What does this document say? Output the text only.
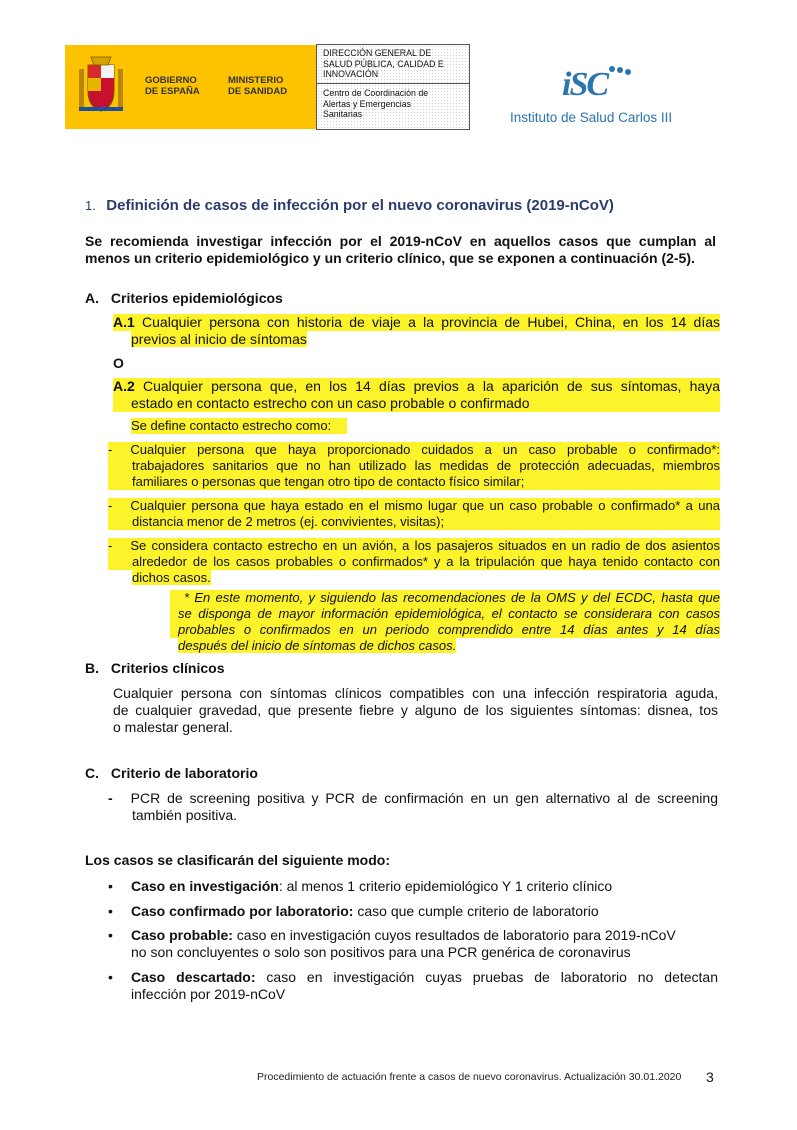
GOBIERNO
DE ESPAÑA
MINISTERIO
DE SANIDAD
DIRECCIÓN GENERAL DE
SALUD PÚBLICA, CALIDAD E
INNOVACIÓN
Centro de Coordinación de
Alertas y Emergencias
Sanitarias
iSC
Instituto de Salud Carlos III
1. Definición de casos de infección por el nuevo coronavirus (2019-nCoV)
Se recomienda investigar infección por el 2019-nCoV en aquellos casos que cumplan al
menos un criterio epidemiológico y un criterio clínico, que se exponen a continuación (2-5).
A. Criterios epidemiológicos
A.1 Cualquier persona con historia de viaje a la provincia de Hubei, China, en los 14 días
previos al inicio de síntomas
O
A.2 Cualquier persona que, en los 14 días previos a la aparición de sus síntomas, haya
estado en contacto estrecho con un caso probable o confirmado
Se define contacto estrecho como:
- Cualquier persona que haya proporcionado cuidados a un caso probable o confirmado*:
trabajadores sanitarios que no han utilizado las medidas de protección adecuadas, miembros
familiares o personas que tengan otro tipo de contacto físico similar;
- Cualquier persona que haya estado en el mismo lugar que un caso probable o confirmado* a una
distancia menor de 2 metros (ej. convivientes, visitas);
- Se considera contacto estrecho en un avión, a los pasajeros situados en un radio de dos asientos
alrededor de los casos probables o confirmados* y a la tripulación que haya tenido contacto con
dichos casos.
* En este momento, y siguiendo las recomendaciones de la OMS y del ECDC, hasta que
se disponga de mayor información epidemiológica, el contacto se considerara con casos
probables o confirmados en un periodo comprendido entre 14 días antes y 14 días
después del inicio de síntomas de dichos casos.
B. Criterios clínicos
Cualquier persona con síntomas clínicos compatibles con una infección respiratoria aguda,
de cualquier gravedad, que presente fiebre y alguno de los siguientes síntomas: disnea, tos
o malestar general.
C. Criterio de laboratorio
- PCR de screening positiva y PCR de confirmación en un gen alternativo al de screening
también positiva.
Los casos se clasificarán del siguiente modo:
• Caso en investigación: al menos 1 criterio epidemiológico Y 1 criterio clínico
• Caso confirmado por laboratorio: caso que cumple criterio de laboratorio
• Caso probable: caso en investigación cuyos resultados de laboratorio para 2019-nCoV
no son concluyentes o solo son positivos para una PCR genérica de coronavirus
• Caso descartado: caso en investigación cuyas pruebas de laboratorio no detectan
infección por 2019-nCoV
Procedimiento de actuación frente a casos de nuevo coronavirus. Actualización 30.01.2020 3
